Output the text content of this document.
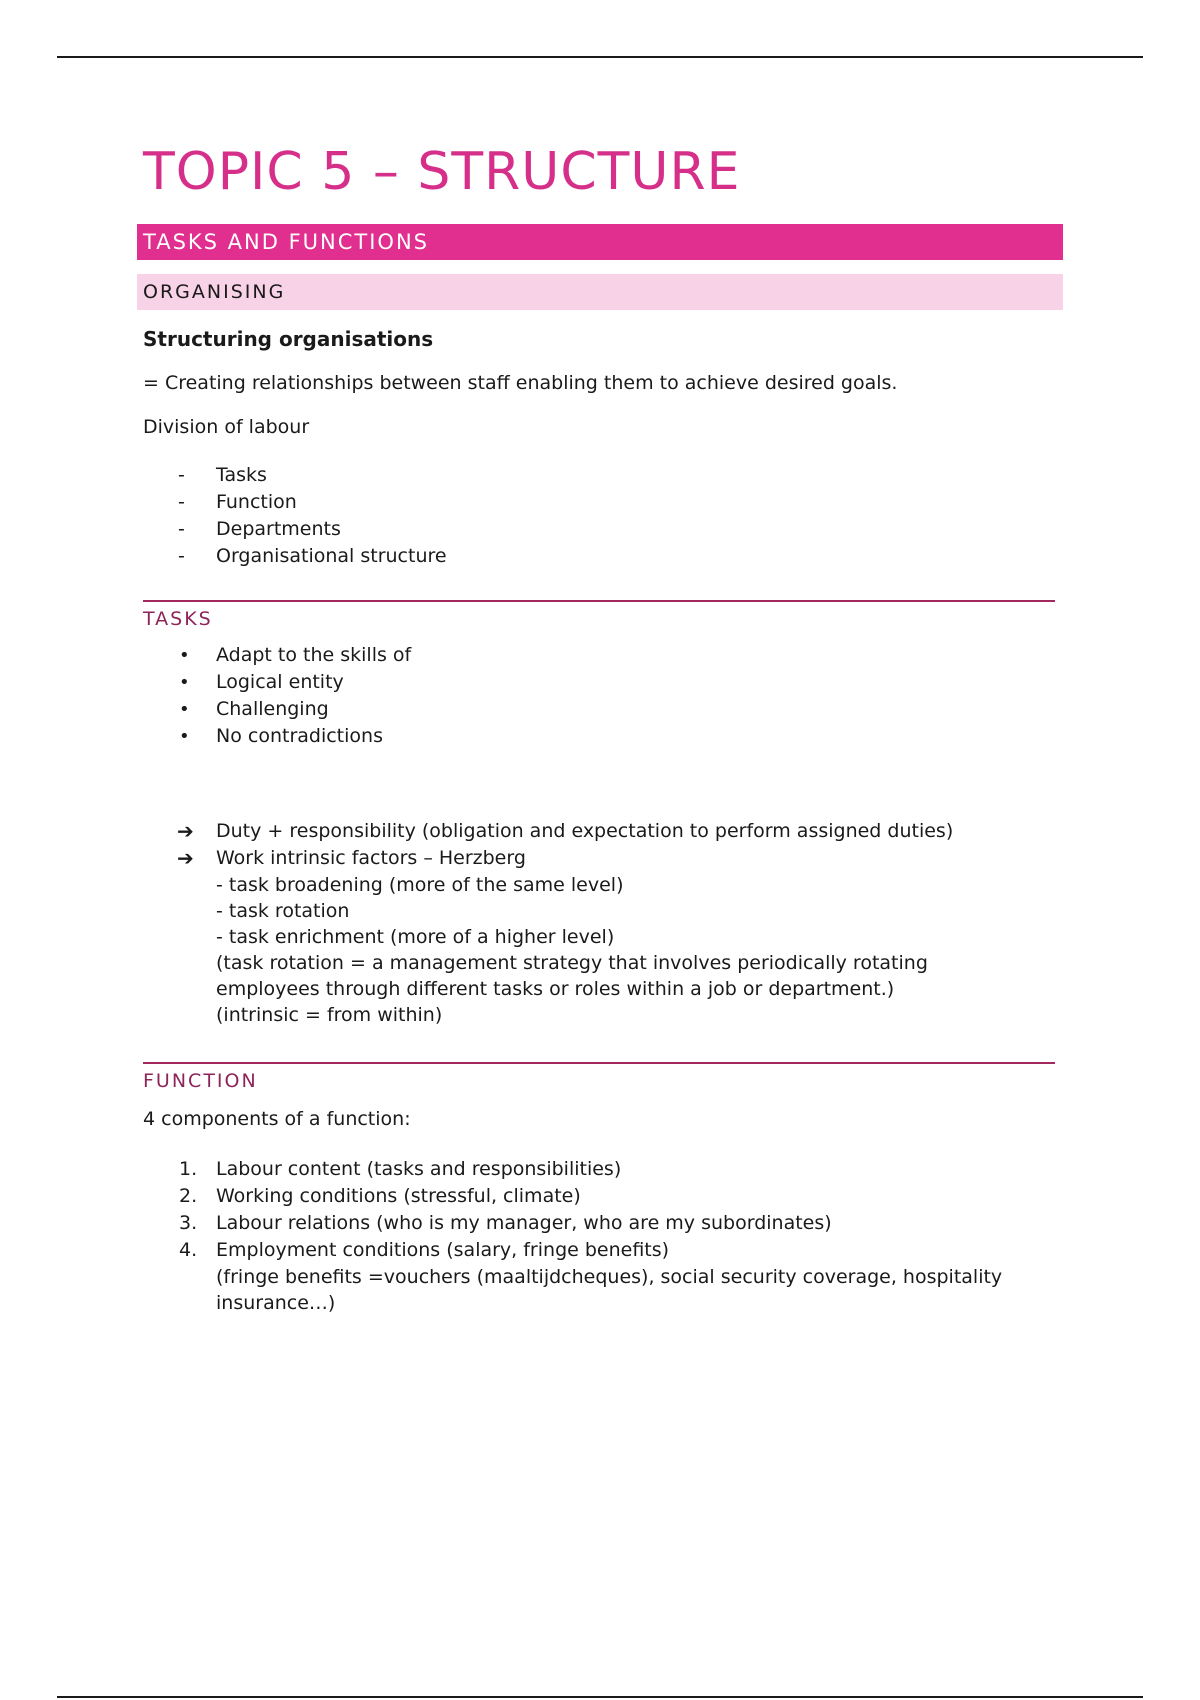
TOPIC 5 – STRUCTURE
TASKS AND FUNCTIONS
ORGANISING
Structuring organisations

= Creating relationships between staff enabling them to achieve desired goals.

Division of labour

- Tasks
- Function
- Departments
- Organisational structure
TASKS
• Adapt to the skills of
• Logical entity
• Challenging
• No contradictions
➔ Duty + responsibility (obligation and expectation to perform assigned duties)
➔ Work intrinsic factors – Herzberg
- task broadening (more of the same level)
- task rotation
- task enrichment (more of a higher level)
(task rotation = a management strategy that involves periodically rotating
employees through different tasks or roles within a job or department.)
(intrinsic = from within)
FUNCTION

4 components of a function:

1. Labour content (tasks and responsibilities)
2. Working conditions (stressful, climate)
3. Labour relations (who is my manager, who are my subordinates)
4. Employment conditions (salary, fringe benefits)
(fringe benefits =vouchers (maaltijdcheques), social security coverage, hospitality
insurance…)
